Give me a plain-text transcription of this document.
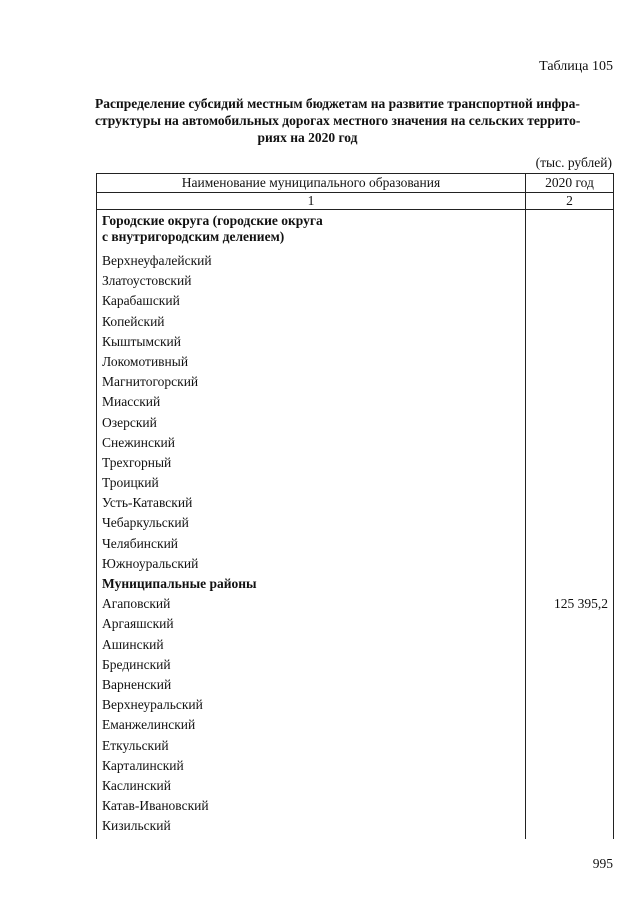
Таблица 105
Распределение субсидий местным бюджетам на развитие транспортной инфра-
структуры на автомобильных дорогах местного значения на сельских террито-
риях на 2020 год
(тыс. рублей)
Наименование муниципального образования	2020 год
1	2
Городские округа (городские округа с внутригородским делением)
Верхнеуфалейский
Златоустовский
Карабашский
Копейский
Кыштымский
Локомотивный
Магнитогорский
Миасский
Озерский
Снежинский
Трехгорный
Троицкий
Усть-Катавский
Чебаркульский
Челябинский
Южноуральский
Муниципальные районы
Агаповский	125 395,2
Аргаяшский
Ашинский
Брединский
Варненский
Верхнеуральский
Еманжелинский
Еткульский
Карталинский
Каслинский
Катав-Ивановский
Кизильский
995
